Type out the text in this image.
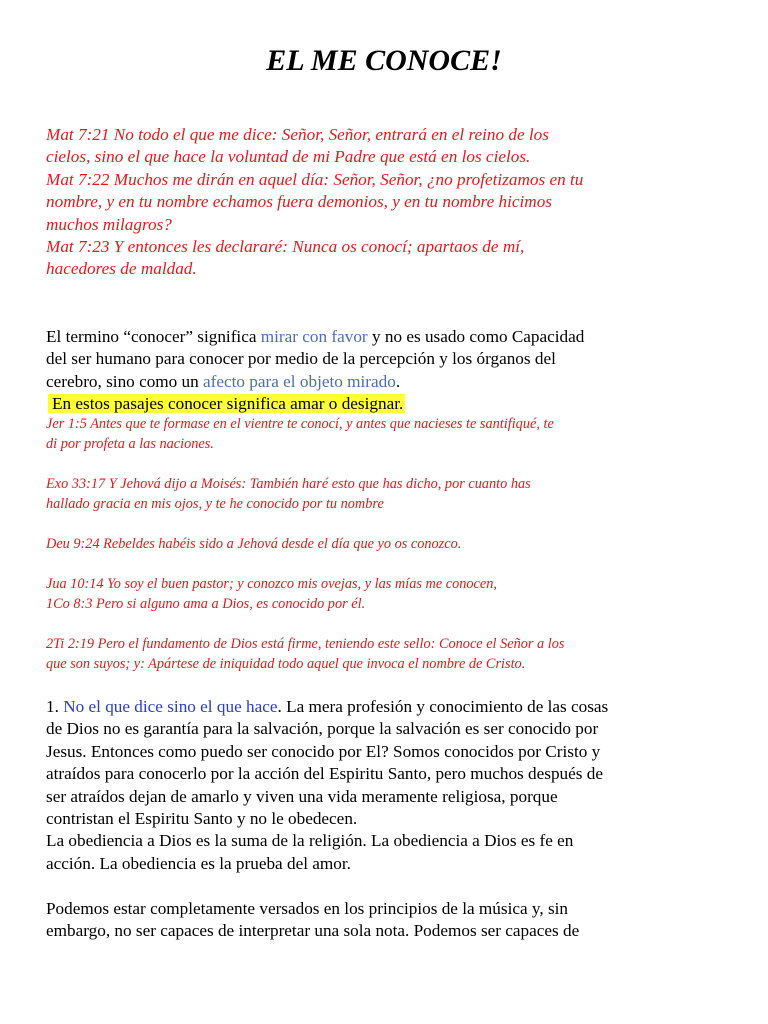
EL ME CONOCE!

Mat 7:21 No todo el que me dice: Señor, Señor, entrará en el reino de los
cielos, sino el que hace la voluntad de mi Padre que está en los cielos.

Mat 7:22 Muchos me dirán en aquel día: Señor, Señor, ¿no profetizamos en tu
nombre, y en tu nombre echamos fuera demonios, y en tu nombre hicimos
muchos milagros?

Mat 7:23 Y entonces les declararé: Nunca os conocí; apartaos de mí,
hacedores de maldad.

El termino “conocer” significa mirar con favor y no es usado como Capacidad
del ser humano para conocer por medio de la percepción y los órganos del
cerebro, sino como un afecto para el objeto mirado.
En estos pasajes conocer significa amar o designar.

Jer 1:5 Antes que te formase en el vientre te conocí, y antes que nacieses te santifiqué, te
di por profeta a las naciones.

Exo 33:17 Y Jehová dijo a Moisés: También haré esto que has dicho, por cuanto has
hallado gracia en mis ojos, y te he conocido por tu nombre

Deu 9:24 Rebeldes habéis sido a Jehová desde el día que yo os conozco.

Jua 10:14 Yo soy el buen pastor; y conozco mis ovejas, y las mías me conocen,
1Co 8:3 Pero si alguno ama a Dios, es conocido por él.

2Ti 2:19 Pero el fundamento de Dios está firme, teniendo este sello: Conoce el Señor a los
que son suyos; y: Apártese de iniquidad todo aquel que invoca el nombre de Cristo.

1. No el que dice sino el que hace. La mera profesión y conocimiento de las cosas
de Dios no es garantía para la salvación, porque la salvación es ser conocido por
Jesus. Entonces como puedo ser conocido por El? Somos conocidos por Cristo y
atraídos para conocerlo por la acción del Espiritu Santo, pero muchos después de
ser atraídos dejan de amarlo y viven una vida meramente religiosa, porque
contristan el Espiritu Santo y no le obedecen.

La obediencia a Dios es la suma de la religión. La obediencia a Dios es fe en
acción. La obediencia es la prueba del amor.

Podemos estar completamente versados en los principios de la música y, sin
embargo, no ser capaces de interpretar una sola nota. Podemos ser capaces de
